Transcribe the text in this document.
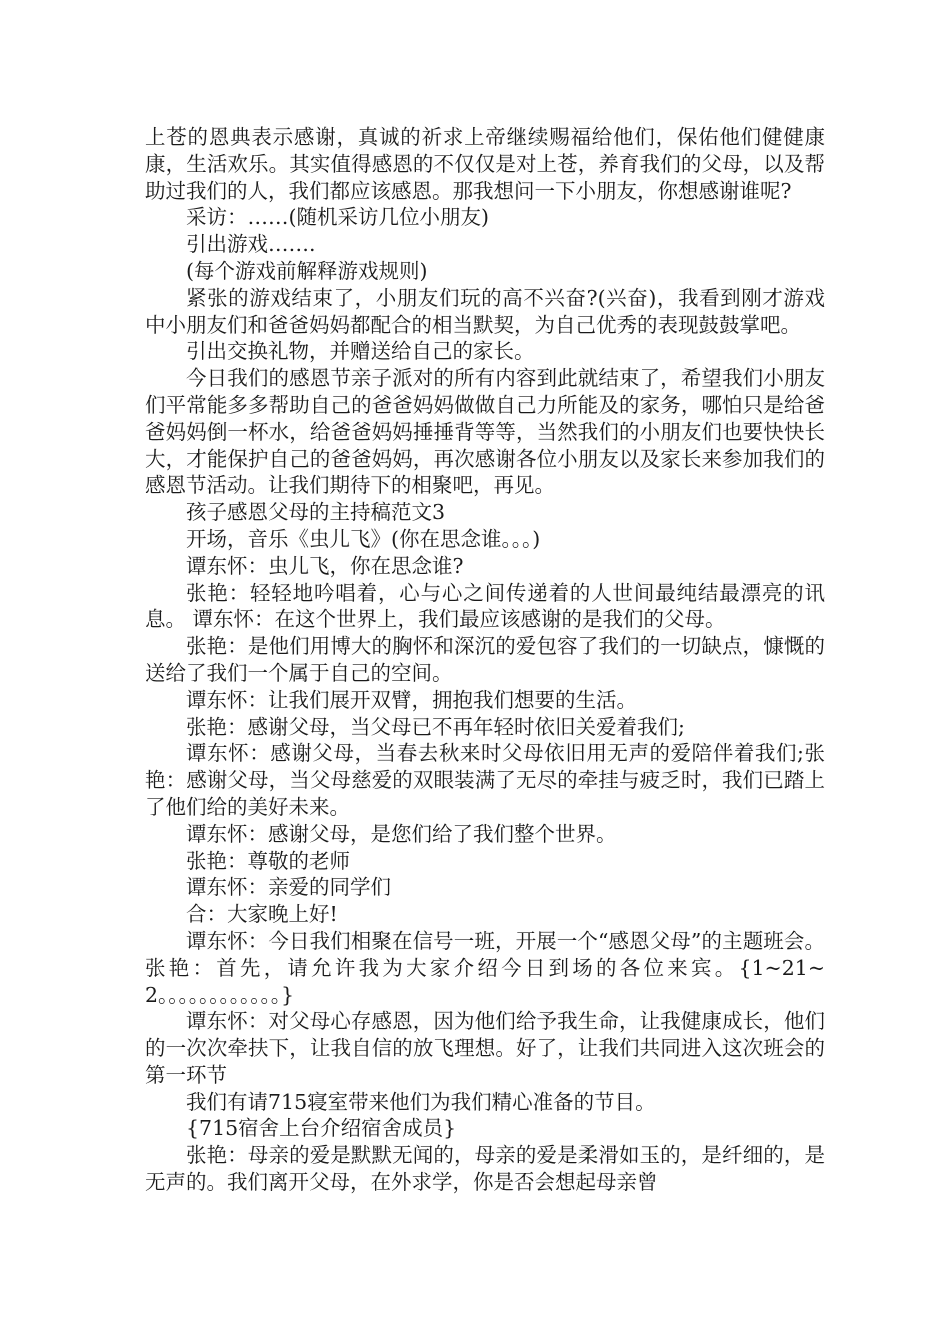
上苍的恩典表示感谢，真诚的祈求上帝继续赐福给他们，保佑他们健健康康，生活欢乐。其实值得感恩的不仅仅是对上苍，养育我们的父母，以及帮助过我们的人，我们都应该感恩。那我想问一下小朋友，你想感谢谁呢?

采访：……(随机采访几位小朋友)

引出游戏…….

(每个游戏前解释游戏规则)

紧张的游戏结束了，小朋友们玩的高不兴奋?(兴奋)，我看到刚才游戏中小朋友们和爸爸妈妈都配合的相当默契，为自己优秀的表现鼓鼓掌吧。

引出交换礼物，并赠送给自己的家长。

今日我们的感恩节亲子派对的所有内容到此就结束了，希望我们小朋友们平常能多多帮助自己的爸爸妈妈做做自己力所能及的家务，哪怕只是给爸爸妈妈倒一杯水，给爸爸妈妈捶捶背等等，当然我们的小朋友们也要快快长大，才能保护自己的爸爸妈妈，再次感谢各位小朋友以及家长来参加我们的感恩节活动。让我们期待下的相聚吧，再见。

孩子感恩父母的主持稿范文3

开场，音乐《虫儿飞》(你在思念谁。。。)

谭东怀：虫儿飞，你在思念谁?

张艳：轻轻地吟唱着，心与心之间传递着的人世间最纯结最漂亮的讯息。 谭东怀：在这个世界上，我们最应该感谢的是我们的父母。

张艳：是他们用博大的胸怀和深沉的爱包容了我们的一切缺点，慷慨的送给了我们一个属于自己的空间。

谭东怀：让我们展开双臂，拥抱我们想要的生活。

张艳：感谢父母，当父母已不再年轻时依旧关爱着我们;

谭东怀：感谢父母，当春去秋来时父母依旧用无声的爱陪伴着我们;张艳：感谢父母，当父母慈爱的双眼装满了无尽的牵挂与疲乏时，我们已踏上了他们给的美好未来。

谭东怀：感谢父母，是您们给了我们整个世界。

张艳：尊敬的老师

谭东怀：亲爱的同学们

合：大家晚上好!

谭东怀：今日我们相聚在信号一班，开展一个“感恩父母”的主题班会。 张艳：首先，请允许我为大家介绍今日到场的各位来宾。{1~21~2。。。。。。。。。。。。}

谭东怀：对父母心存感恩，因为他们给予我生命，让我健康成长，他们的一次次牵扶下，让我自信的放飞理想。好了，让我们共同进入这次班会的第一环节

我们有请715寝室带来他们为我们精心准备的节目。

{715宿舍上台介绍宿舍成员}

张艳：母亲的爱是默默无闻的，母亲的爱是柔滑如玉的，是纤细的，是无声的。我们离开父母，在外求学，你是否会想起母亲曾
